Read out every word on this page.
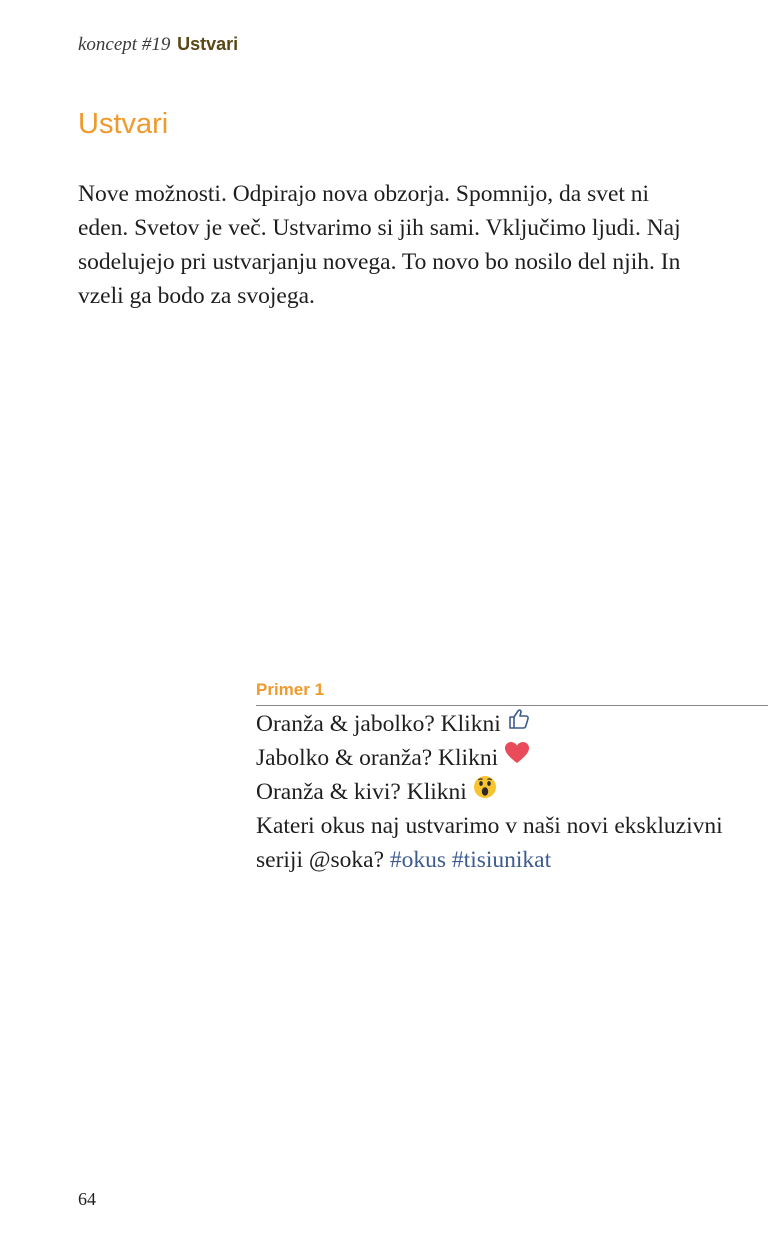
koncept #19 Ustvari
Ustvari

Nove možnosti. Odpirajo nova obzorja. Spomnijo, da svet ni eden. Svetov je več. Ustvarimo si jih sami. Vključimo ljudi. Naj sodelujejo pri ustvarjanju novega. To novo bo nosilo del njih. In vzeli ga bodo za svojega.

Primer 1
Oranža & jabolko? Klikni
Jabolko & oranža? Klikni
Oranža & kivi? Klikni
Kateri okus naj ustvarimo v naši novi ekskluzivni seriji @soka? #okus #tisiunikat
64
